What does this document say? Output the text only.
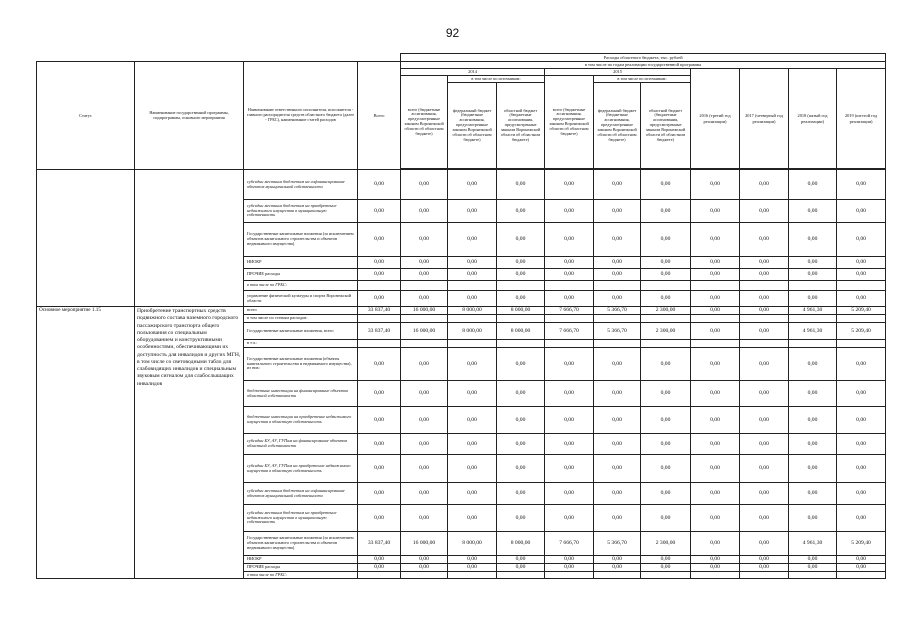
92
				Расходы областного бюджета, тыс. рублей									
Статус	Наименование государственной программы, подпрограммы, основного мероприятия	Наименование ответственного исполнителя, исполнителя - главного распорядителя средств областного бюджета (далее - ГРБС), наименование статей расходов	Всего	в том числе по годам реализации государственной программы									
				2014			2015			2016 (третий год реализации)	2017 (четвертый год реализации)	2018 (пятый год реализации)	2019 (шестой год реализации)
				всего (бюджетные ассигнования, предусмотренные законом Воронежской области об областном бюджете)	в том числе по источникам:		всего (бюджетные ассигнования, предусмотренные законом Воронежской области об областном бюджете)	в том числе по источникам:					
					федеральный бюджет (бюджетные ассигнования, предусмотренные законом Воронежской области об областном бюджете)	областной бюджет (бюджетные ассигнования, предусмотренные законом Воронежской области об областном бюджете)		федеральный бюджет (бюджетные ассигнования, предусмотренные законом Воронежской области об областном бюджете)	областной бюджет (бюджетные ассигнования, предусмотренные законом Воронежской области об областном бюджете)				

		субсидии местным бюджетам на софинансирование объектов муниципальной собственности	0,00	0,00	0,00	0,00	0,00	0,00	0,00	0,00	0,00	0,00	0,00
		субсидии местным бюджетам на приобретение недвижимого имущества в муниципальную собственность	0,00	0,00	0,00	0,00	0,00	0,00	0,00	0,00	0,00	0,00	0,00
		Государственные капитальные вложения (за исключением объектов капитального строительства и объектов недвижимого имущества)	0,00	0,00	0,00	0,00	0,00	0,00	0,00	0,00	0,00	0,00	0,00
		НИОКР	0,00	0,00	0,00	0,00	0,00	0,00	0,00	0,00	0,00	0,00	0,00
		ПРОЧИЕ расходы	0,00	0,00	0,00	0,00	0,00	0,00	0,00	0,00	0,00	0,00	0,00
		в том числе по ГРБС:											
		управление физической культуры и спорта Воронежской области	0,00	0,00	0,00	0,00	0,00	0,00	0,00	0,00	0,00	0,00	0,00
Основное мероприятие 1.15	Приобретение транспортных средств подвижного состава наземного городского пассажирского транспорта общего пользования со специальным оборудованием и конструктивными особенностями, обеспечивающими их доступность для инвалидов и других МГН, в том числе со световодными табло для слабовидящих инвалидов и специальным звуковым сигналом для слабослышащих инвалидов	всего	33 837,40	16 000,00	8 000,00	8 000,00	7 666,70	5 366,70	2 300,00	0,00	0,00	4 961,30	5 209,40
		в том числе по статьям расходов:											
		Государственные капитальные вложения, всего	33 837,40	16 000,00	8 000,00	8 000,00	7 666,70	5 366,70	2 300,00	0,00	0,00	4 961,30	5 209,40
		в т.ч.:											
		Государственные капитальные вложения (объекты капитального строительства и недвижимого имущества), из них:	0,00	0,00	0,00	0,00	0,00	0,00	0,00	0,00	0,00	0,00	0,00
		бюджетные инвестиции на финансирование объектов областной собственности	0,00	0,00	0,00	0,00	0,00	0,00	0,00	0,00	0,00	0,00	0,00
		бюджетные инвестиции на приобретение недвижимого имущества в областную собственность	0,00	0,00	0,00	0,00	0,00	0,00	0,00	0,00	0,00	0,00	0,00
		субсидии БУ, АУ, ГУПам на финансирование объектов областной собственности	0,00	0,00	0,00	0,00	0,00	0,00	0,00	0,00	0,00	0,00	0,00
		субсидии БУ, АУ, ГУПам на приобретение недвижимого имущества в областную собственность	0,00	0,00	0,00	0,00	0,00	0,00	0,00	0,00	0,00	0,00	0,00
		субсидии местным бюджетам на софинансирование объектов муниципальной собственности	0,00	0,00	0,00	0,00	0,00	0,00	0,00	0,00	0,00	0,00	0,00
		субсидии местным бюджетам на приобретение недвижимого имущества в муниципальную собственность	0,00	0,00	0,00	0,00	0,00	0,00	0,00	0,00	0,00	0,00	0,00
		Государственные капитальные вложения (за исключением объектов капитального строительства и объектов недвижимого имущества)	33 837,40	16 000,00	8 000,00	8 000,00	7 666,70	5 366,70	2 300,00	0,00	0,00	4 961,30	5 209,40
		НИОКР	0,00	0,00	0,00	0,00	0,00	0,00	0,00	0,00	0,00	0,00	0,00
		ПРОЧИЕ расходы	0,00	0,00	0,00	0,00	0,00	0,00	0,00	0,00	0,00	0,00	0,00
		в том числе по ГРБС:											
